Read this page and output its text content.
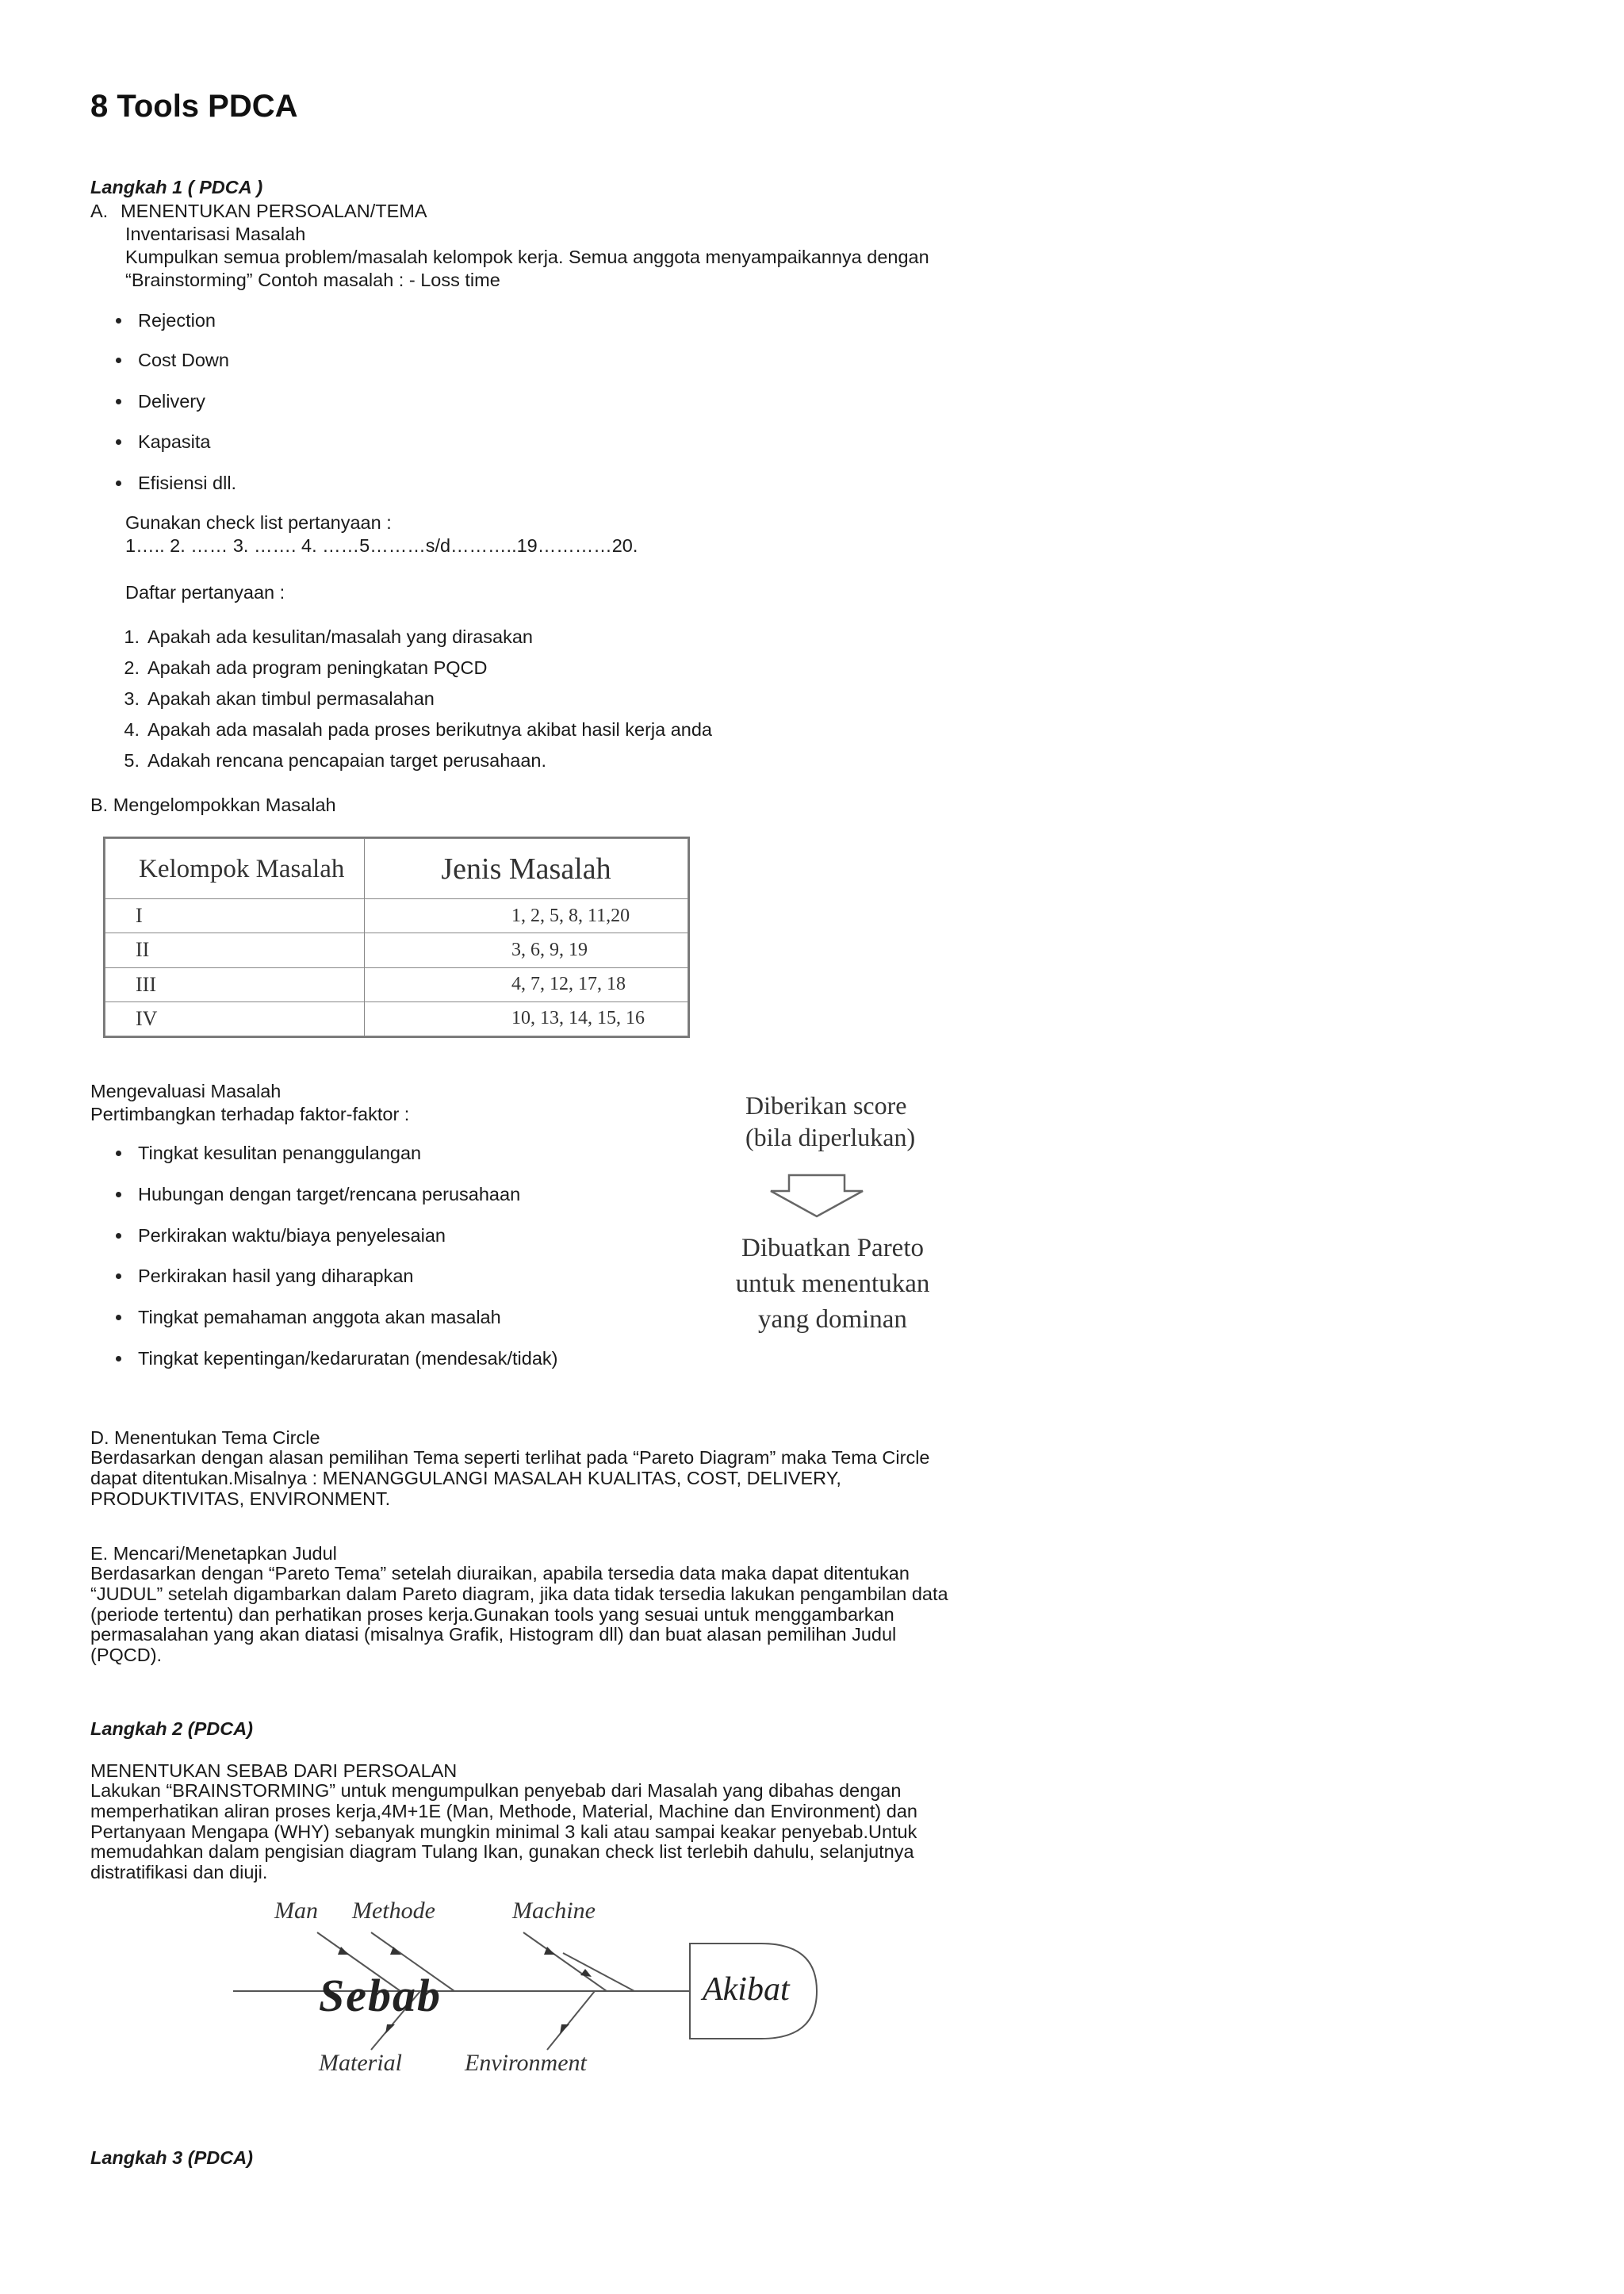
8 Tools PDCA
Langkah 1 ( PDCA )
A. MENENTUKAN PERSOALAN/TEMA
Inventarisasi Masalah
Kumpulkan semua problem/masalah kelompok kerja. Semua anggota menyampaikannya dengan
“Brainstorming” Contoh masalah : - Loss time
Rejection
Cost Down
Delivery
Kapasita
Efisiensi dll.
Gunakan check list pertanyaan :
1….. 2. …… 3. ……. 4. ……5………s/d………..19…………20.
Daftar pertanyaan :
1. Apakah ada kesulitan/masalah yang dirasakan
2. Apakah ada program peningkatan PQCD
3. Apakah akan timbul permasalahan
4. Apakah ada masalah pada proses berikutnya akibat hasil kerja anda
5. Adakah rencana pencapaian target perusahaan.
B. Mengelompokkan Masalah
Kelompok Masalah	Jenis Masalah
I	1, 2, 5, 8, 11,20
II	3, 6, 9, 19
III	4, 7, 12, 17, 18
IV	10, 13, 14, 15, 16
Mengevaluasi Masalah
Pertimbangkan terhadap faktor-faktor :
Tingkat kesulitan penanggulangan
Hubungan dengan target/rencana perusahaan
Perkirakan waktu/biaya penyelesaian
Perkirakan hasil yang diharapkan
Tingkat pemahaman anggota akan masalah
Tingkat kepentingan/kedaruratan (mendesak/tidak)
Diberikan score
(bila diperlukan)
Dibuatkan Pareto
untuk menentukan
yang dominan
D. Menentukan Tema Circle
Berdasarkan dengan alasan pemilihan Tema seperti terlihat pada “Pareto Diagram” maka Tema Circle dapat ditentukan.Misalnya : MENANGGULANGI MASALAH KUALITAS, COST, DELIVERY, PRODUKTIVITAS, ENVIRONMENT.
E. Mencari/Menetapkan Judul
Berdasarkan dengan “Pareto Tema” setelah diuraikan, apabila tersedia data maka dapat ditentukan “JUDUL” setelah digambarkan dalam Pareto diagram, jika data tidak tersedia lakukan pengambilan data (periode tertentu) dan perhatikan proses kerja.Gunakan tools yang sesuai untuk menggambarkan permasalahan yang akan diatasi (misalnya Grafik, Histogram dll) dan buat alasan pemilihan Judul (PQCD).
Langkah 2 (PDCA)
MENENTUKAN SEBAB DARI PERSOALAN
Lakukan “BRAINSTORMING” untuk mengumpulkan penyebab dari Masalah yang dibahas dengan memperhatikan aliran proses kerja,4M+1E (Man, Methode, Material, Machine dan Environment) dan Pertanyaan Mengapa (WHY) sebanyak mungkin minimal 3 kali atau sampai keakar penyebab.Untuk memudahkan dalam pengisian diagram Tulang Ikan, gunakan check list terlebih dahulu, selanjutnya distratifikasi dan diuji.
Man Methode	Machine
Sebab	Akibat
Material	Environment
Langkah 3 (PDCA)
